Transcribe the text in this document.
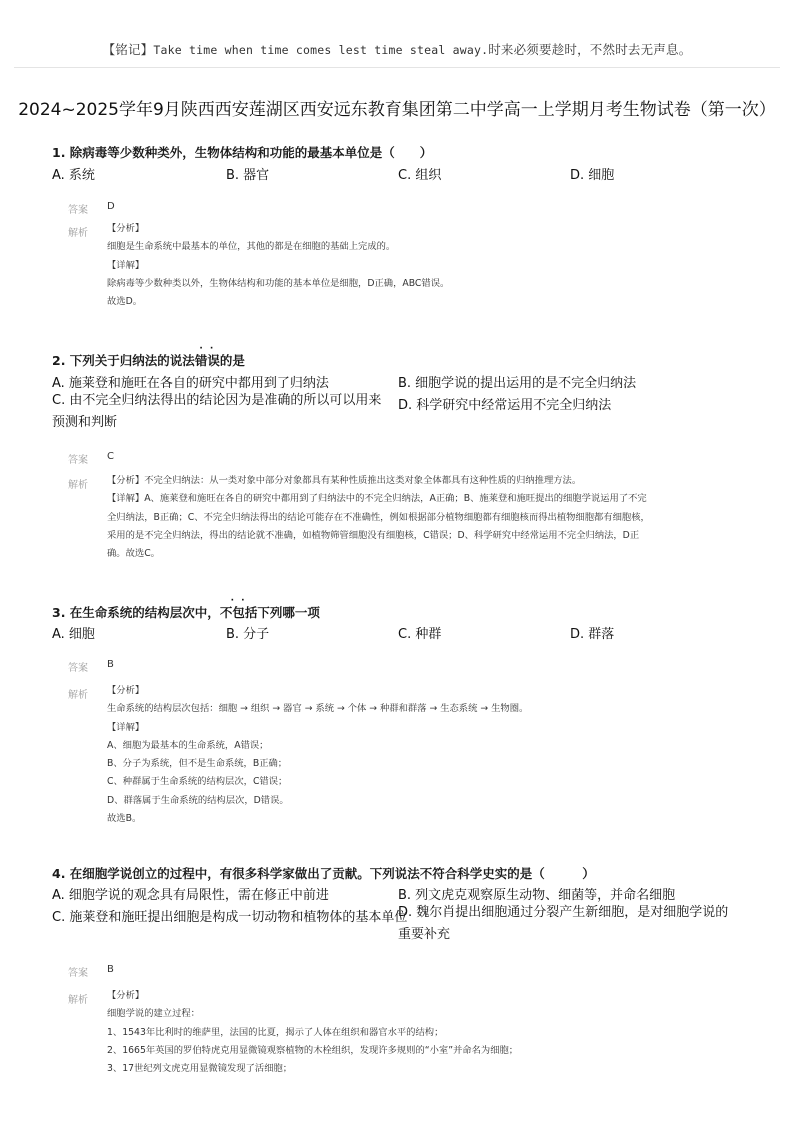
【铭记】Take time when time comes lest time steal away.时来必须要趁时，不然时去无声息。
2024~2025学年9月陕西西安莲湖区西安远东教育集团第二中学高一上学期月考生物试卷（第一次）
1. 除病毒等少数种类外，生物体结构和功能的最基本单位是（　　）
A. 系统	B. 器官	C. 组织	D. 细胞
答案 D
解析 【分析】
细胞是生命系统中最基本的单位，其他的都是在细胞的基础上完成的。
【详解】
除病毒等少数种类以外，生物体结构和功能的基本单位是细胞，D正确，ABC错误。
故选D。
2. 下列关于归纳法的说法错误 · ·的是
A. 施莱登和施旺在各自的研究中都用到了归纳法	B. 细胞学说的提出运用的是不完全归纳法
C. 由不完全归纳法得出的结论因为是准确的所以可以用来预测和判断
D. 科学研究中经常运用不完全归纳法
答案 C
解析 【分析】不完全归纳法：从一类对象中部分对象都具有某种性质推出这类对象全体都具有这种性质的归纳推理方法。
【详解】A、施莱登和施旺在各自的研究中都用到了归纳法中的不完全归纳法，A正确；B、施莱登和施旺提出的细胞学说运用了不完
全归纳法，B正确；C、不完全归纳法得出的结论可能存在不准确性，例如根据部分植物细胞都有细胞核而得出植物细胞都有细胞核，
采用的是不完全归纳法，得出的结论就不准确，如植物筛管细胞没有细胞核，C错误；D、科学研究中经常运用不完全归纳法，D正
确。故选C。
3. 在生命系统的结构层次中，不包括 · ·下列哪一项
A. 细胞	B. 分子	C. 种群	D. 群落
答案 B
解析 【分析】
生命系统的结构层次包括：细胞 → 组织 → 器官 → 系统 → 个体 → 种群和群落 → 生态系统 → 生物圈。
【详解】
A、细胞为最基本的生命系统，A错误；
B、分子为系统，但不是生命系统，B正确；
C、种群属于生命系统的结构层次，C错误；
D、群落属于生命系统的结构层次，D错误。
故选B。
4. 在细胞学说创立的过程中，有很多科学家做出了贡献。下列说法不符合科学史实的是（　　　）
A. 细胞学说的观念具有局限性，需在修正中前进	B. 列文虎克观察原生动物、细菌等，并命名细胞
C. 施莱登和施旺提出细胞是构成一切动物和植物体的基本单位
D. 魏尔肖提出细胞通过分裂产生新细胞，是对细胞学说的重要补充
答案 B
解析 【分析】
细胞学说的建立过程：
1、1543年比利时的维萨里，法国的比夏，揭示了人体在组织和器官水平的结构；
2、1665年英国的罗伯特虎克用显微镜观察植物的木栓组织，发现许多规则的“小室”并命名为细胞；
3、17世纪列文虎克用显微镜发现了活细胞；
